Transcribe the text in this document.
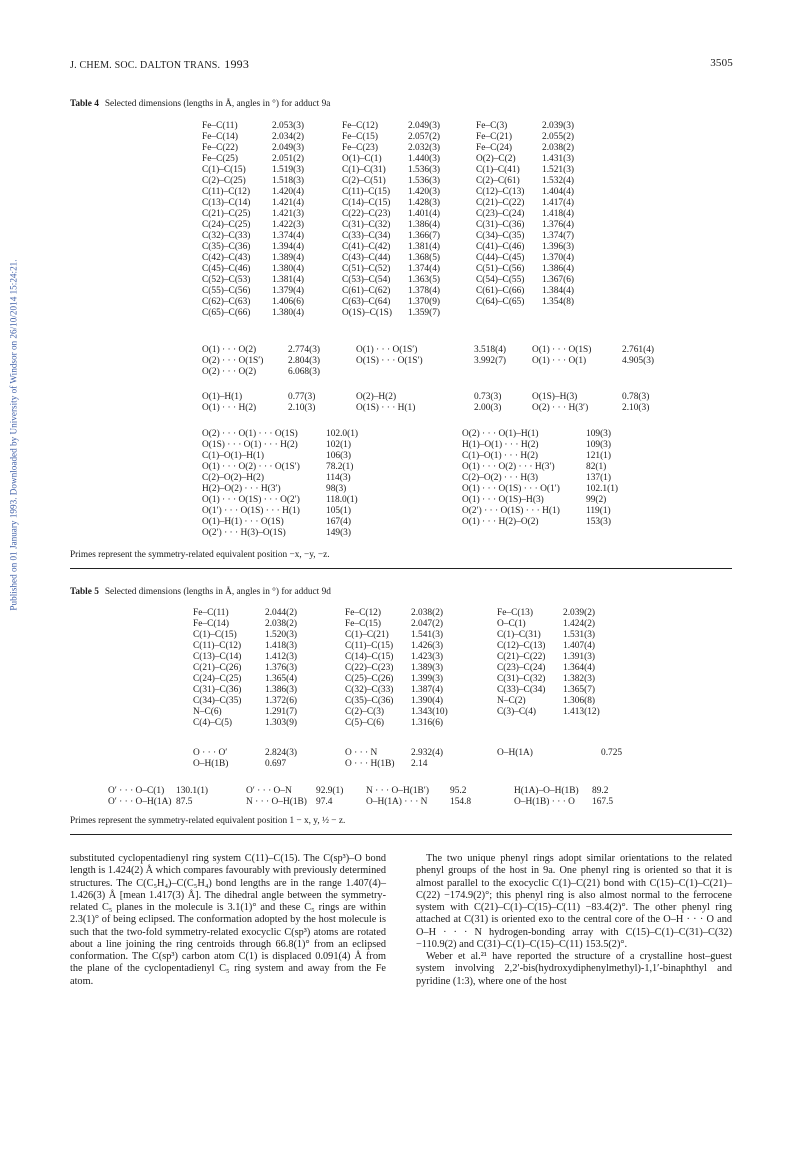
Published on 01 January 1993. Downloaded by University of Windsor on 26/10/2014 15:24:21.
J. CHEM. SOC. DALTON TRANS. 1993	3505
Table 4 Selected dimensions (lengths in Å, angles in °) for adduct 9a
Fe–C(11)	2.053(3)	Fe–C(12)	2.049(3)	Fe–C(3)	2.039(3)
Fe–C(14)	2.034(2)	Fe–C(15)	2.057(2)	Fe–C(21)	2.055(2)
Fe–C(22)	2.049(3)	Fe–C(23)	2.032(3)	Fe–C(24)	2.038(2)
Fe–C(25)	2.051(2)	O(1)–C(1)	1.440(3)	O(2)–C(2)	1.431(3)
C(1)–C(15)	1.519(3)	C(1)–C(31)	1.536(3)	C(1)–C(41)	1.521(3)
C(2)–C(25)	1.518(3)	C(2)–C(51)	1.536(3)	C(2)–C(61)	1.532(4)
C(11)–C(12)	1.420(4)	C(11)–C(15)	1.420(3)	C(12)–C(13)	1.404(4)
C(13)–C(14)	1.421(4)	C(14)–C(15)	1.428(3)	C(21)–C(22)	1.417(4)
C(21)–C(25)	1.421(3)	C(22)–C(23)	1.401(4)	C(23)–C(24)	1.418(4)
C(24)–C(25)	1.422(3)	C(31)–C(32)	1.386(4)	C(31)–C(36)	1.376(4)
C(32)–C(33)	1.374(4)	C(33)–C(34)	1.366(7)	C(34)–C(35)	1.374(7)
C(35)–C(36)	1.394(4)	C(41)–C(42)	1.381(4)	C(41)–C(46)	1.396(3)
C(42)–C(43)	1.389(4)	C(43)–C(44)	1.368(5)	C(44)–C(45)	1.370(4)
C(45)–C(46)	1.380(4)	C(51)–C(52)	1.374(4)	C(51)–C(56)	1.386(4)
C(52)–C(53)	1.381(4)	C(53)–C(54)	1.363(5)	C(54)–C(55)	1.367(6)
C(55)–C(56)	1.379(4)	C(61)–C(62)	1.378(4)	C(61)–C(66)	1.384(4)
C(62)–C(63)	1.406(6)	C(63)–C(64)	1.370(9)	C(64)–C(65)	1.354(8)
C(65)–C(66)	1.380(4)	O(1S)–C(1S)	1.359(7)		
O(1) · · · O(2)	2.774(3)	O(1) · · · O(1S′)	3.518(4)	O(1) · · · O(1S)	2.761(4)
O(2) · · · O(1S′)	2.804(3)	O(1S) · · · O(1S′)	3.992(7)	O(1) · · · O(1)	4.905(3)
O(2) · · · O(2)	6.068(3)				
O(1)–H(1)	0.77(3)	O(2)–H(2)	0.73(3)	O(1S)–H(3)	0.78(3)
O(1) · · · H(2)	2.10(3)	O(1S) · · · H(1)	2.00(3)	O(2) · · · H(3′)	2.10(3)
O(2) · · · O(1) · · · O(1S)	102.0(1)	O(2) · · · O(1)–H(1)	109(3)
O(1S) · · · O(1) · · · H(2)	102(1)	H(1)–O(1) · · · H(2)	109(3)
C(1)–O(1)–H(1)	106(3)	C(1)–O(1) · · · H(2)	121(1)
O(1) · · · O(2) · · · O(1S′)	78.2(1)	O(1) · · · O(2) · · · H(3′)	82(1)
C(2)–O(2)–H(2)	114(3)	C(2)–O(2) · · · H(3)	137(1)
H(2)–O(2) · · · H(3′)	98(3)	O(1) · · · O(1S) · · · O(1′)	102.1(1)
O(1) · · · O(1S) · · · O(2′)	118.0(1)	O(1) · · · O(1S)–H(3)	99(2)
O(1′) · · · O(1S) · · · H(1)	105(1)	O(2′) · · · O(1S) · · · H(1)	119(1)
O(1)–H(1) · · · O(1S)	167(4)	O(1) · · · H(2)–O(2)	153(3)
O(2′) · · · H(3)–O(1S)	149(3)		
Primes represent the symmetry-related equivalent position −x, −y, −z.
Table 5 Selected dimensions (lengths in Å, angles in °) for adduct 9d
Fe–C(11)	2.044(2)	Fe–C(12)	2.038(2)	Fe–C(13)	2.039(2)
Fe–C(14)	2.038(2)	Fe–C(15)	2.047(2)	O–C(1)	1.424(2)
C(1)–C(15)	1.520(3)	C(1)–C(21)	1.541(3)	C(1)–C(31)	1.531(3)
C(11)–C(12)	1.418(3)	C(11)–C(15)	1.426(3)	C(12)–C(13)	1.407(4)
C(13)–C(14)	1.412(3)	C(14)–C(15)	1.423(3)	C(21)–C(22)	1.391(3)
C(21)–C(26)	1.376(3)	C(22)–C(23)	1.389(3)	C(23)–C(24)	1.364(4)
C(24)–C(25)	1.365(4)	C(25)–C(26)	1.399(3)	C(31)–C(32)	1.382(3)
C(31)–C(36)	1.386(3)	C(32)–C(33)	1.387(4)	C(33)–C(34)	1.365(7)
C(34)–C(35)	1.372(6)	C(35)–C(36)	1.390(4)	N–C(2)	1.306(8)
N–C(6)	1.291(7)	C(2)–C(3)	1.343(10)	C(3)–C(4)	1.413(12)
C(4)–C(5)	1.303(9)	C(5)–C(6)	1.316(6)		
O · · · O′	2.824(3)	O · · · N	2.932(4)	O–H(1A)	0.725
O–H(1B)	0.697	O · · · H(1B)	2.14		
O′ · · · O–C(1)	130.1(1)	O′ · · · O–N	92.9(1)	N · · · O–H(1B′)	95.2	H(1A)–O–H(1B)	89.2
O′ · · · O–H(1A)	87.5	N · · · O–H(1B)	97.4	O–H(1A) · · · N	154.8	O–H(1B) · · · O	167.5
Primes represent the symmetry-related equivalent position 1 − x, y, ½ − z.

substituted cyclopentadienyl ring system C(11)–C(15). The C(sp³)–O bond length is 1.424(2) Å which compares favourably with previously determined structures. The C(C₅H₄)–C(C₅H₄) bond lengths are in the range 1.407(4)–1.426(3) Å [mean 1.417(3) Å]. The dihedral angle between the symmetry-related C₅ planes in the molecule is 3.1(1)° and these C₅ rings are within 2.3(1)° of being eclipsed. The conformation adopted by the host molecule is such that the two-fold symmetry-related exocyclic C(sp³) atoms are rotated about a line joining the ring centroids through 66.8(1)° from an eclipsed conformation. The C(sp³) carbon atom C(1) is displaced 0.091(4) Å from the plane of the cyclopentadienyl C₅ ring system and away from the Fe atom.

The two unique phenyl rings adopt similar orientations to the related phenyl groups of the host in 9a. One phenyl ring is oriented so that it is almost parallel to the exocyclic C(1)–C(21) bond with C(15)–C(1)–C(21)–C(22) −174.9(2)°; this phenyl ring is also almost normal to the ferrocene system with C(21)–C(1)–C(15)–C(11) −83.4(2)°. The other phenyl ring attached at C(31) is oriented exo to the central core of the O–H · · · O and O–H · · · N hydrogen-bonding array with C(15)–C(1)–C(31)–C(32) −110.9(2) and C(31)–C(1)–C(15)–C(11) 153.5(2)°.

Weber et al.²¹ have reported the structure of a crystalline host–guest system involving 2,2′-bis(hydroxydiphenylmethyl)-1,1′-binaphthyl and pyridine (1:3), where one of the host
